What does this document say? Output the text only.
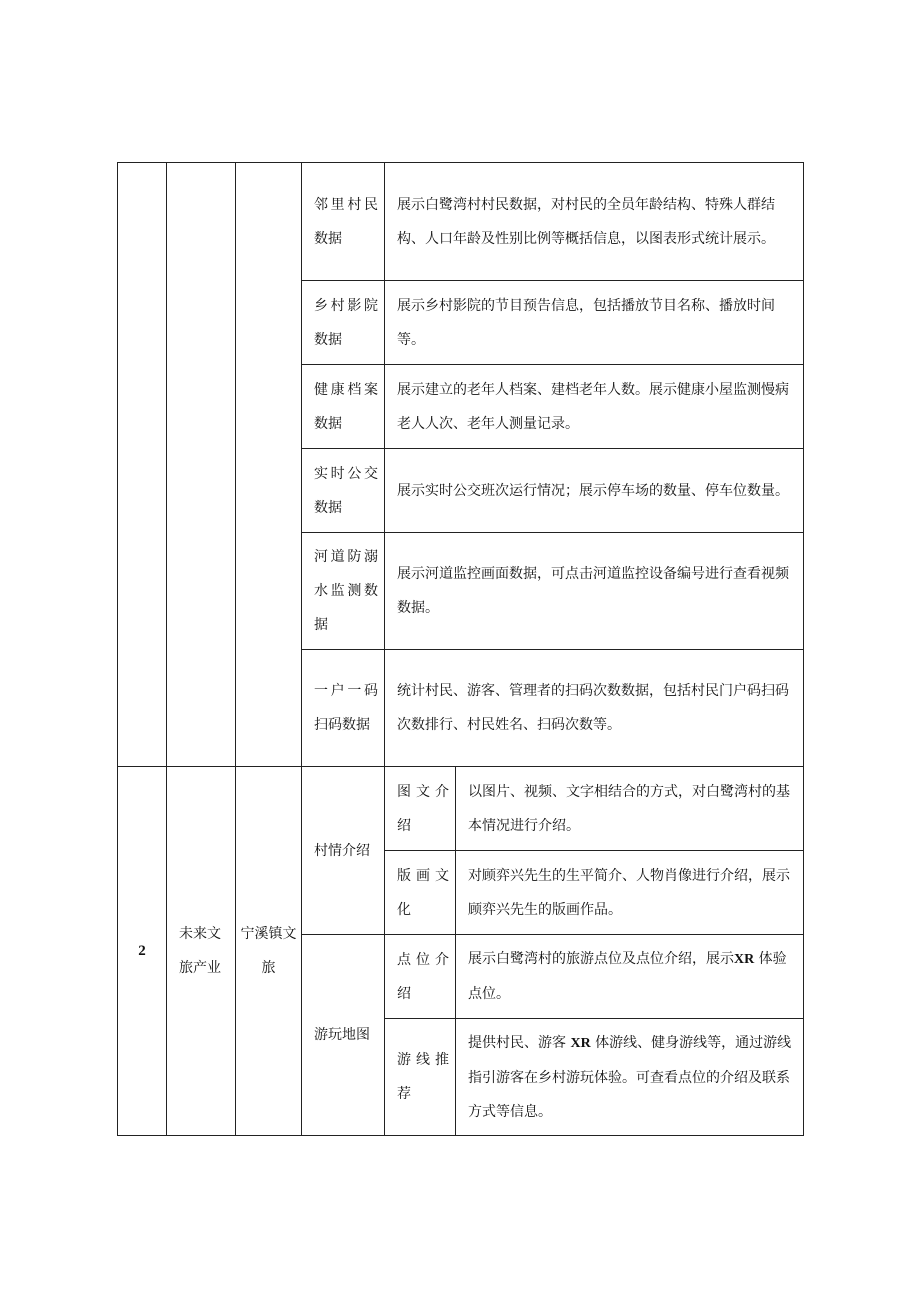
			邻里村民数据	展示白鹭湾村村民数据，对村民的全员年龄结构、特殊人群结构、人口年龄及性别比例等概括信息，以图表形式统计展示。	
			乡村影院数据	展示乡村影院的节目预告信息，包括播放节目名称、播放时间等。	
			健康档案数据	展示建立的老年人档案、建档老年人数。展示健康小屋监测慢病老人人次、老年人测量记录。	
			实时公交数据	展示实时公交班次运行情况；展示停车场的数量、停车位数量。	
			河道防溺水监测数据	展示河道监控画面数据，可点击河道监控设备编号进行查看视频数据。	
			一户一码扫码数据	统计村民、游客、管理者的扫码次数数据，包括村民门户码扫码次数排行、村民姓名、扫码次数等。	
2	未来文旅产业	宁溪镇文旅	村情介绍	图文介绍	以图片、视频、文字相结合的方式，对白鹭湾村的基本情况进行介绍。
				版画文化	对顾弈兴先生的生平简介、人物肖像进行介绍，展示顾弈兴先生的版画作品。
			游玩地图	点位介绍	展示白鹭湾村的旅游点位及点位介绍，展示XR 体验点位。
				游线推荐	提供村民、游客 XR 体游线、健身游线等，通过游线指引游客在乡村游玩体验。可查看点位的介绍及联系方式等信息。
